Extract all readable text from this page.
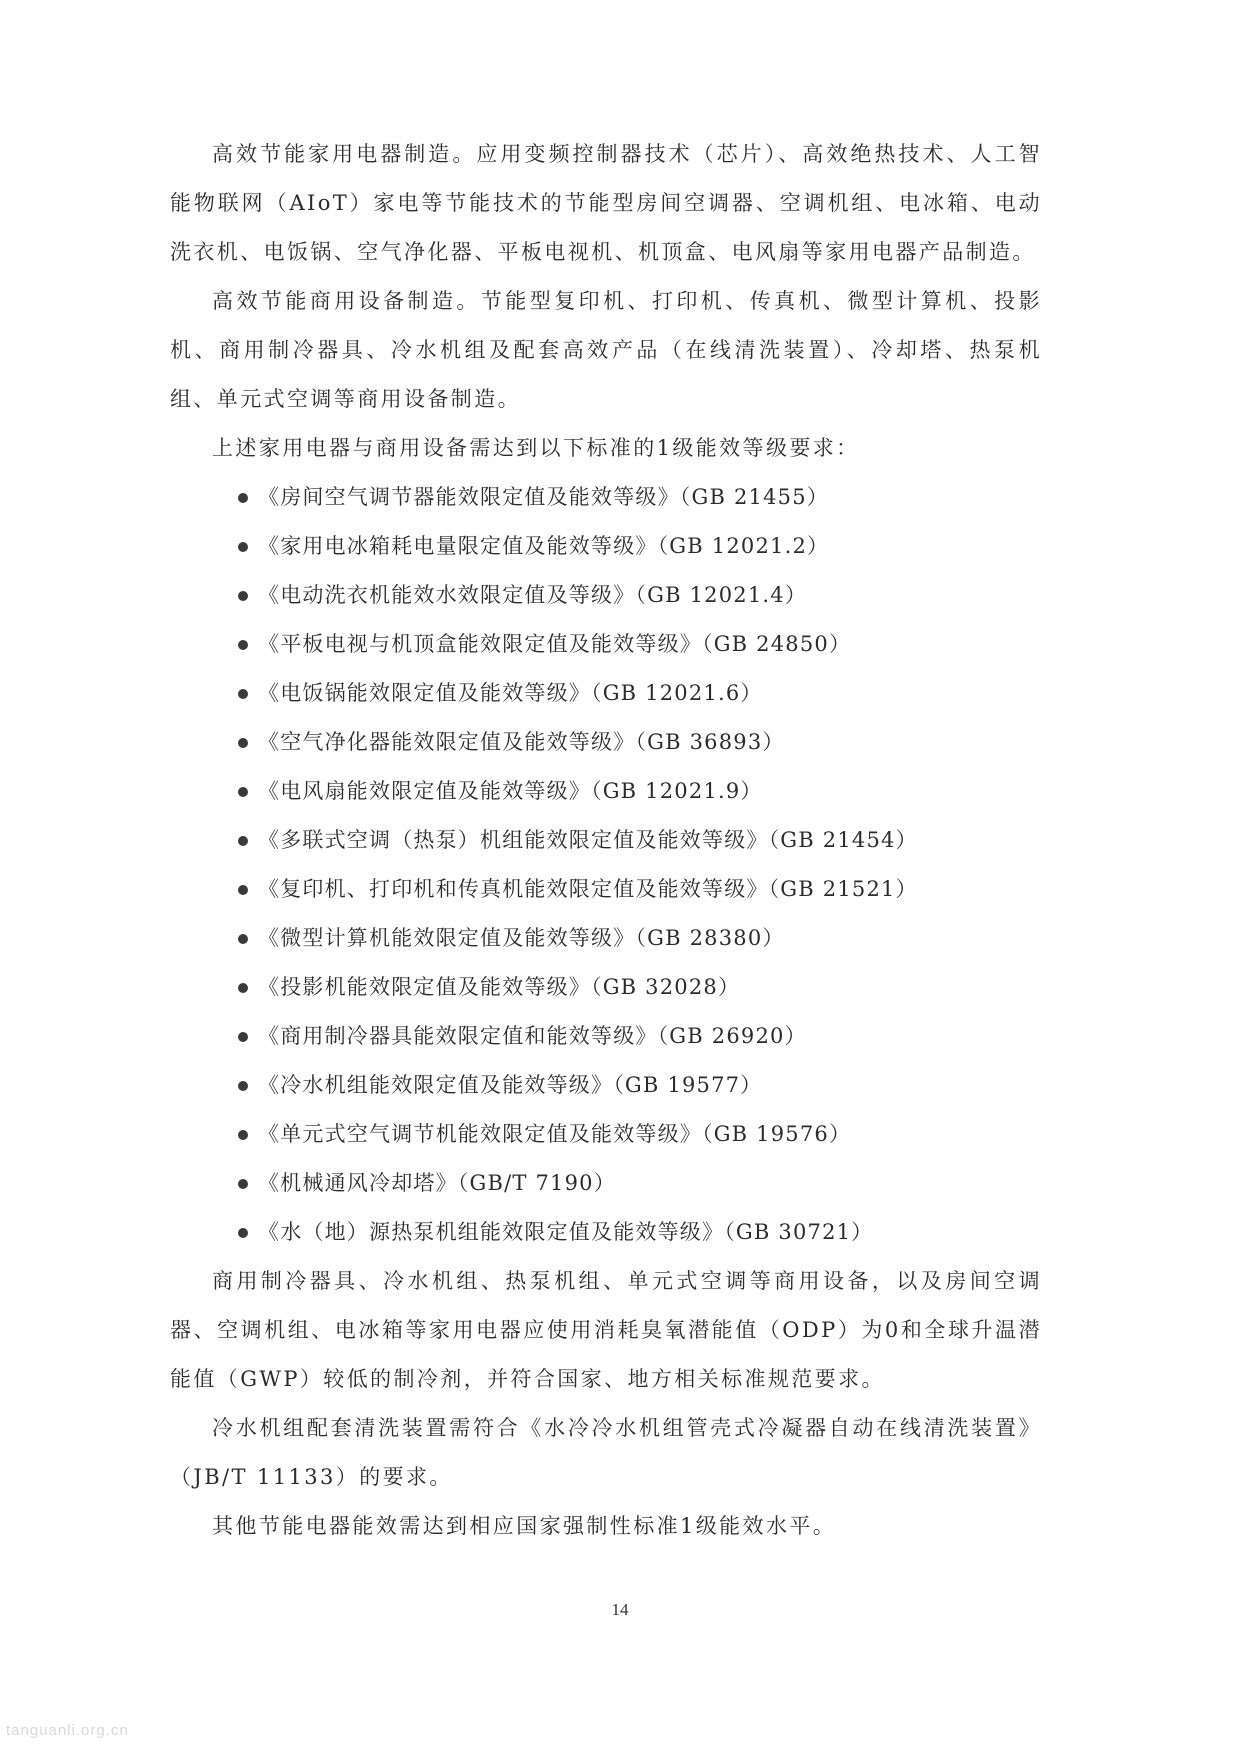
高效节能家用电器制造。应用变频控制器技术（芯片）、高效绝热技术、人工智能物联网（AIoT）家电等节能技术的节能型房间空调器、空调机组、电冰箱、电动洗衣机、电饭锅、空气净化器、平板电视机、机顶盒、电风扇等家用电器产品制造。

高效节能商用设备制造。节能型复印机、打印机、传真机、微型计算机、投影机、商用制冷器具、冷水机组及配套高效产品（在线清洗装置）、冷却塔、热泵机组、单元式空调等商用设备制造。

上述家用电器与商用设备需达到以下标准的1级能效等级要求：

《房间空气调节器能效限定值及能效等级》（GB 21455）
《家用电冰箱耗电量限定值及能效等级》（GB 12021.2）
《电动洗衣机能效水效限定值及等级》（GB 12021.4）
《平板电视与机顶盒能效限定值及能效等级》（GB 24850）
《电饭锅能效限定值及能效等级》（GB 12021.6）
《空气净化器能效限定值及能效等级》（GB 36893）
《电风扇能效限定值及能效等级》（GB 12021.9）
《多联式空调（热泵）机组能效限定值及能效等级》（GB 21454）
《复印机、打印机和传真机能效限定值及能效等级》（GB 21521）
《微型计算机能效限定值及能效等级》（GB 28380）
《投影机能效限定值及能效等级》（GB 32028）
《商用制冷器具能效限定值和能效等级》（GB 26920）
《冷水机组能效限定值及能效等级》（GB 19577）
《单元式空气调节机能效限定值及能效等级》（GB 19576）
《机械通风冷却塔》（GB/T 7190）
《水（地）源热泵机组能效限定值及能效等级》（GB 30721）

商用制冷器具、冷水机组、热泵机组、单元式空调等商用设备，以及房间空调器、空调机组、电冰箱等家用电器应使用消耗臭氧潜能值（ODP）为0和全球升温潜能值（GWP）较低的制冷剂，并符合国家、地方相关标准规范要求。

冷水机组配套清洗装置需符合《水冷冷水机组管壳式冷凝器自动在线清洗装置》（JB/T 11133）的要求。

其他节能电器能效需达到相应国家强制性标准1级能效水平。

14
tanguanli.org.cn
